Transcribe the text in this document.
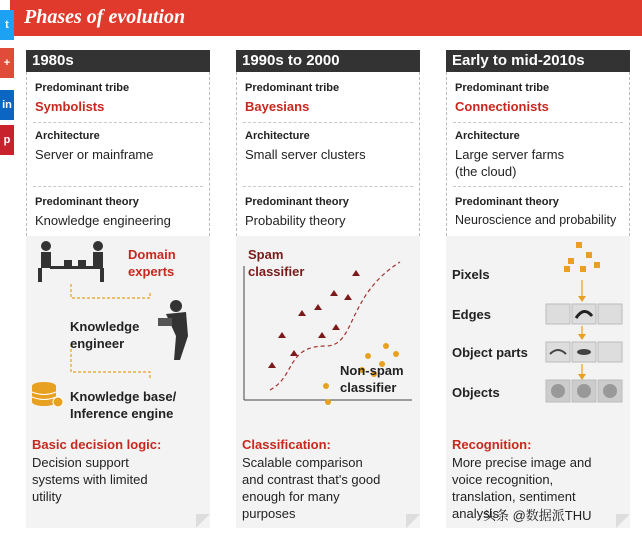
Phases of evolution
t
+
in
p
1980s
Predominant tribe
Symbolists
Architecture
Server or mainframe
Predominant theory
Knowledge engineering
Domain experts
Knowledge engineer
Knowledge base/ Inference engine
Basic decision logic:
Decision support systems with limited utility
1990s to 2000
Predominant tribe
Bayesians
Architecture
Small server clusters
Predominant theory
Probability theory
Spam classifier
Non-spam classifier
Classification:
Scalable comparison and contrast that's good enough for many purposes
Early to mid-2010s
Predominant tribe
Connectionists
Architecture
Large server farms (the cloud)
Predominant theory
Neuroscience and probability
Pixels
Edges
Object parts
Objects
Recognition:
More precise image and voice recognition, translation, sentiment analysis
头条 @数据派THU
